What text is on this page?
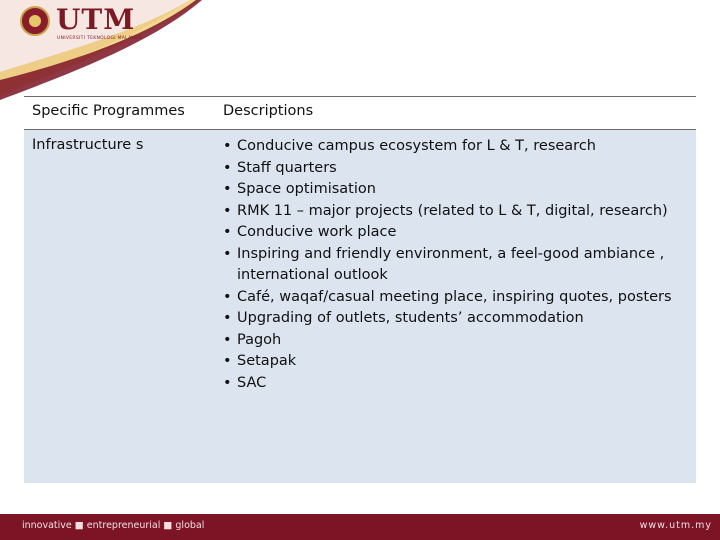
UTM
UNIVERSITI TEKNOLOGI MALAYSIA
Specific Programmes	Descriptions
Infrastructure s
•	Conducive campus ecosystem for L & T, research
• Staff quarters
• Space optimisation
• RMK 11 – major projects (related to L & T, digital, research)
• Conducive work place
• Inspiring and friendly environment, a feel-good ambiance , international outlook
• Café, waqaf/casual meeting place, inspiring quotes, posters
• Upgrading of outlets, students’ accommodation
• Pagoh
• Setapak
• SAC
innovative ■ entrepreneurial ■ global	www.utm.my
